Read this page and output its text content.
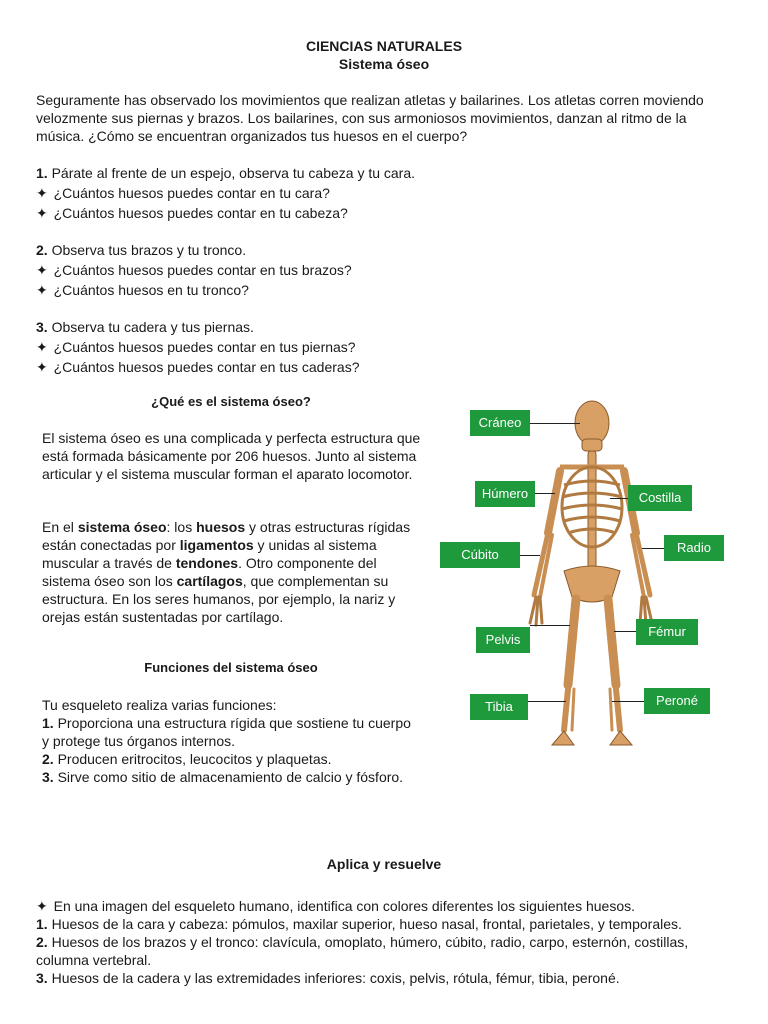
CIENCIAS NATURALES
Sistema óseo

Seguramente has observado los movimientos que realizan atletas y bailarines. Los atletas corren moviendo velozmente sus piernas y brazos. Los bailarines, con sus armoniosos movimientos, danzan al ritmo de la música. ¿Cómo se encuentran organizados tus huesos en el cuerpo?

1. Párate al frente de un espejo, observa tu cabeza y tu cara.
✦ ¿Cuántos huesos puedes contar en tu cara?
✦ ¿Cuántos huesos puedes contar en tu cabeza?
2. Observa tus brazos y tu tronco.
✦ ¿Cuántos huesos puedes contar en tus brazos?
✦ ¿Cuántos huesos en tu tronco?
3. Observa tu cadera y tus piernas.
✦ ¿Cuántos huesos puedes contar en tus piernas?
✦ ¿Cuántos huesos puedes contar en tus caderas?
¿Qué es el sistema óseo?

El sistema óseo es una complicada y perfecta estructura que está formada básicamente por 206 huesos. Junto al sistema articular y el sistema muscular forman el aparato locomotor.

En el sistema óseo: los huesos y otras estructuras rígidas están conectadas por ligamentos y unidas al sistema muscular a través de tendones. Otro componente del sistema óseo son los cartílagos, que complementan su estructura. En los seres humanos, por ejemplo, la nariz y orejas están sustentadas por cartílago.

Funciones del sistema óseo
Tu esqueleto realiza varias funciones:
1. Proporciona una estructura rígida que sostiene tu cuerpo y protege tus órganos internos.
2. Producen eritrocitos, leucocitos y plaquetas.
3. Sirve como sitio de almacenamiento de calcio y fósforo.
Cráneo
Húmero	Costilla
Cúbito	Radio
Pelvis
Fémur
Tibia	Peroné
Aplica y resuelve
✦ En una imagen del esqueleto humano, identifica con colores diferentes los siguientes huesos.
1. Huesos de la cara y cabeza: pómulos, maxilar superior, hueso nasal, frontal, parietales, y temporales.
2. Huesos de los brazos y el tronco: clavícula, omoplato, húmero, cúbito, radio, carpo, esternón, costillas, columna vertebral.
3. Huesos de la cadera y las extremidades inferiores: coxis, pelvis, rótula, fémur, tibia, peroné.
